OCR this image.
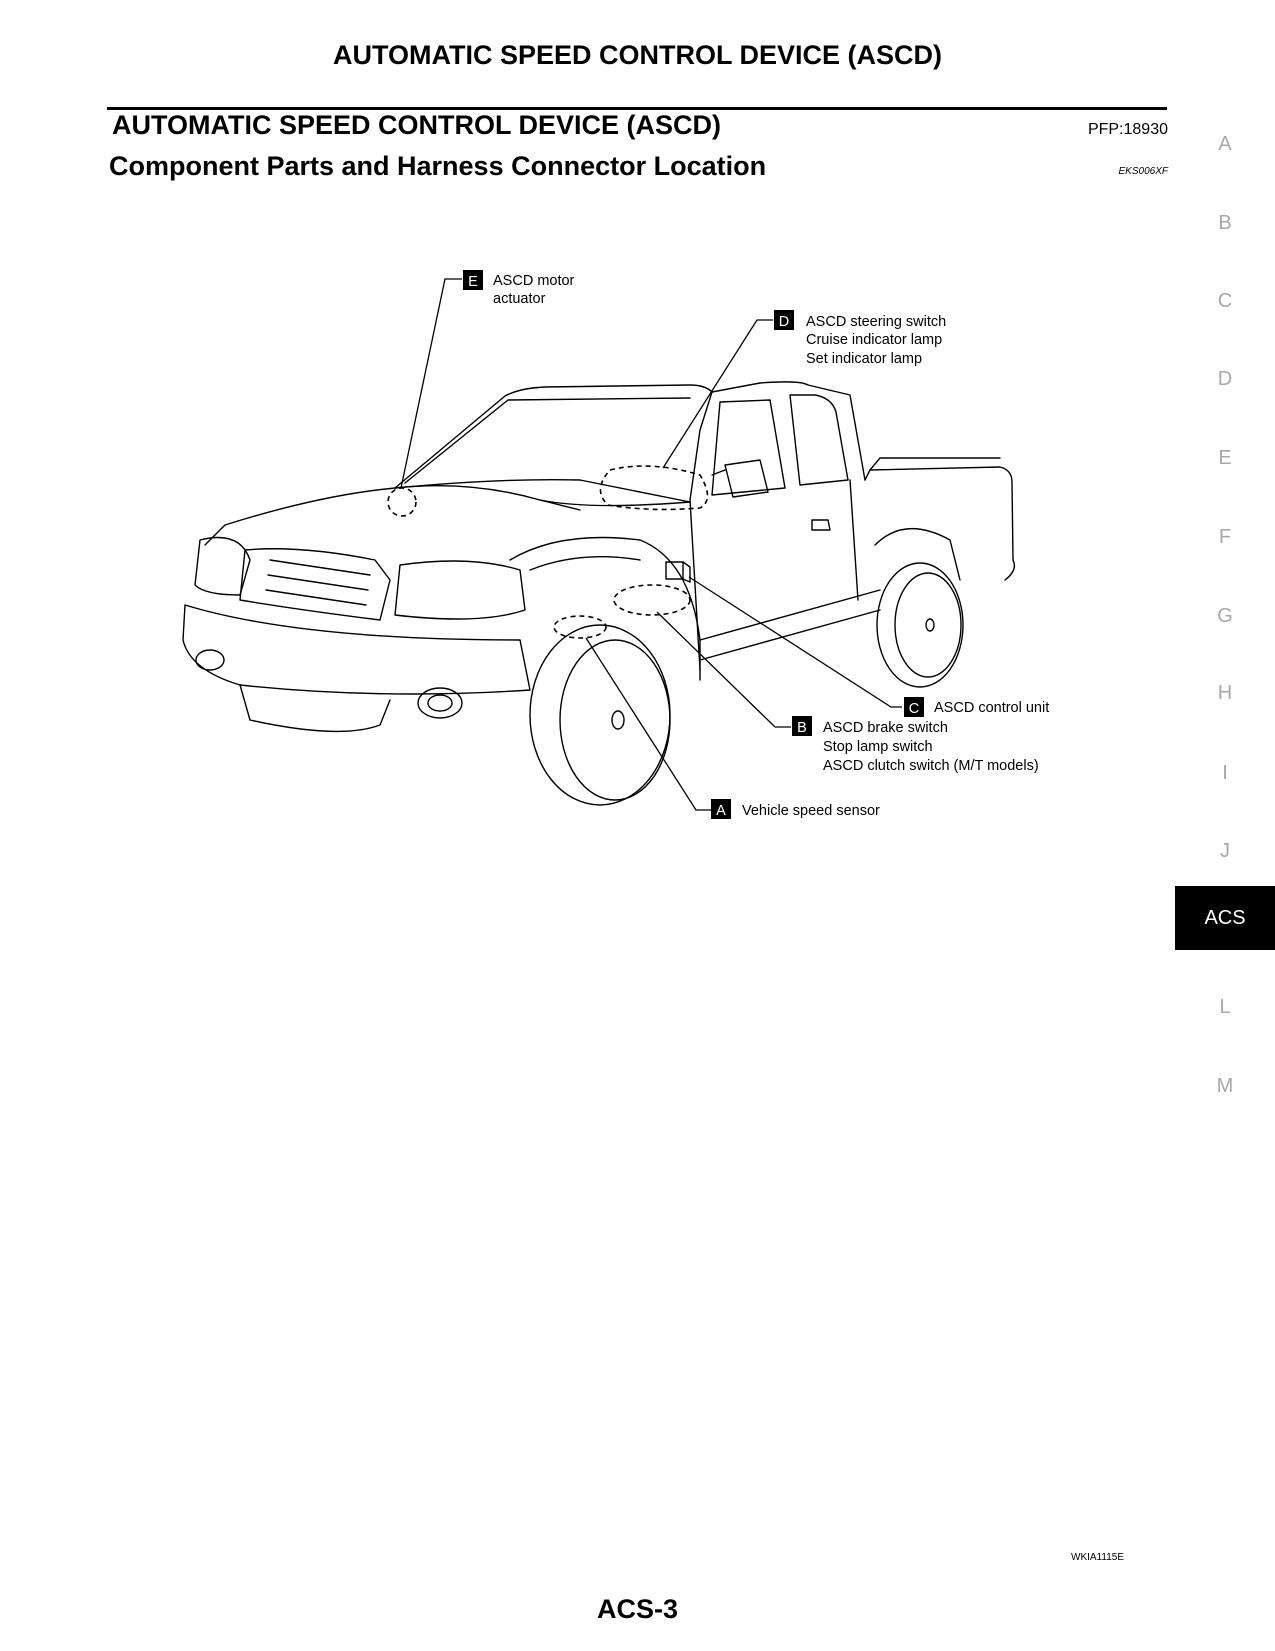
AUTOMATIC SPEED CONTROL DEVICE (ASCD)
AUTOMATIC SPEED CONTROL DEVICE (ASCD)	PFP:18930
Component Parts and Harness Connector Location	EKS006XF
A
B
C
D
E
F
G
H
I
J
ACS
L
M
E ASCD motor
actuator
D ASCD steering switch
Cruise indicator lamp
Set indicator lamp
C ASCD control unit
B ASCD brake switch
Stop lamp switch
ASCD clutch switch (M/T models)
A Vehicle speed sensor
WKIA1115E
ACS-3
